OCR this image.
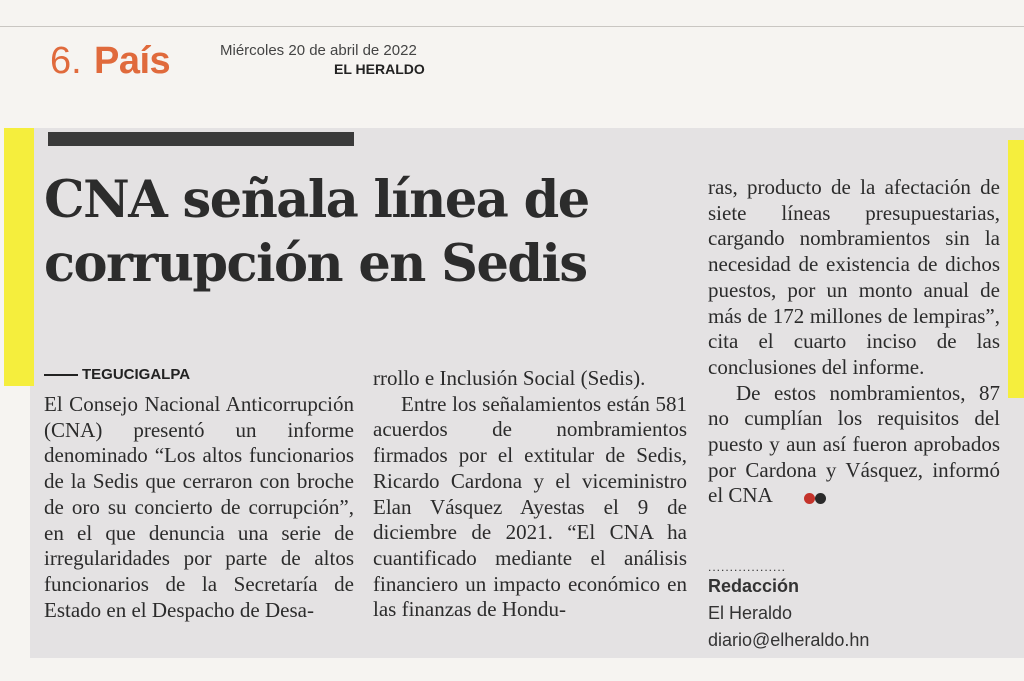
6. País	Miércoles 20 de abril de 2022
EL HERALDO
CNA señala línea de
corrupción en Sedis
TEGUCIGALPA

El Consejo Nacional Anticorrupción (CNA) presentó un informe denominado “Los altos funcionarios de la Sedis que cerraron con broche de oro su concierto de corrupción”, en el que denuncia una serie de irregularidades por parte de altos funcionarios de la Secretaría de Estado en el Despacho de Desa-

rrollo e Inclusión Social (Sedis).

Entre los señalamientos están 581 acuerdos de nombramientos firmados por el extitular de Sedis, Ricardo Cardona y el viceministro Elan Vásquez Ayestas el 9 de diciembre de 2021. “El CNA ha cuantificado mediante el análisis financiero un impacto económico en las finanzas de Hondu-

ras, producto de la afectación de siete líneas presupuestarias, cargando nombramientos sin la necesidad de existencia de dichos puestos, por un monto anual de más de 172 millones de lempiras”, cita el cuarto inciso de las conclusiones del informe.

De estos nombramientos, 87 no cumplían los requisitos del puesto y aun así fueron aprobados por Cardona y Vásquez, informó el CNA

..................
Redacción
El Heraldo
diario@elheraldo.hn
